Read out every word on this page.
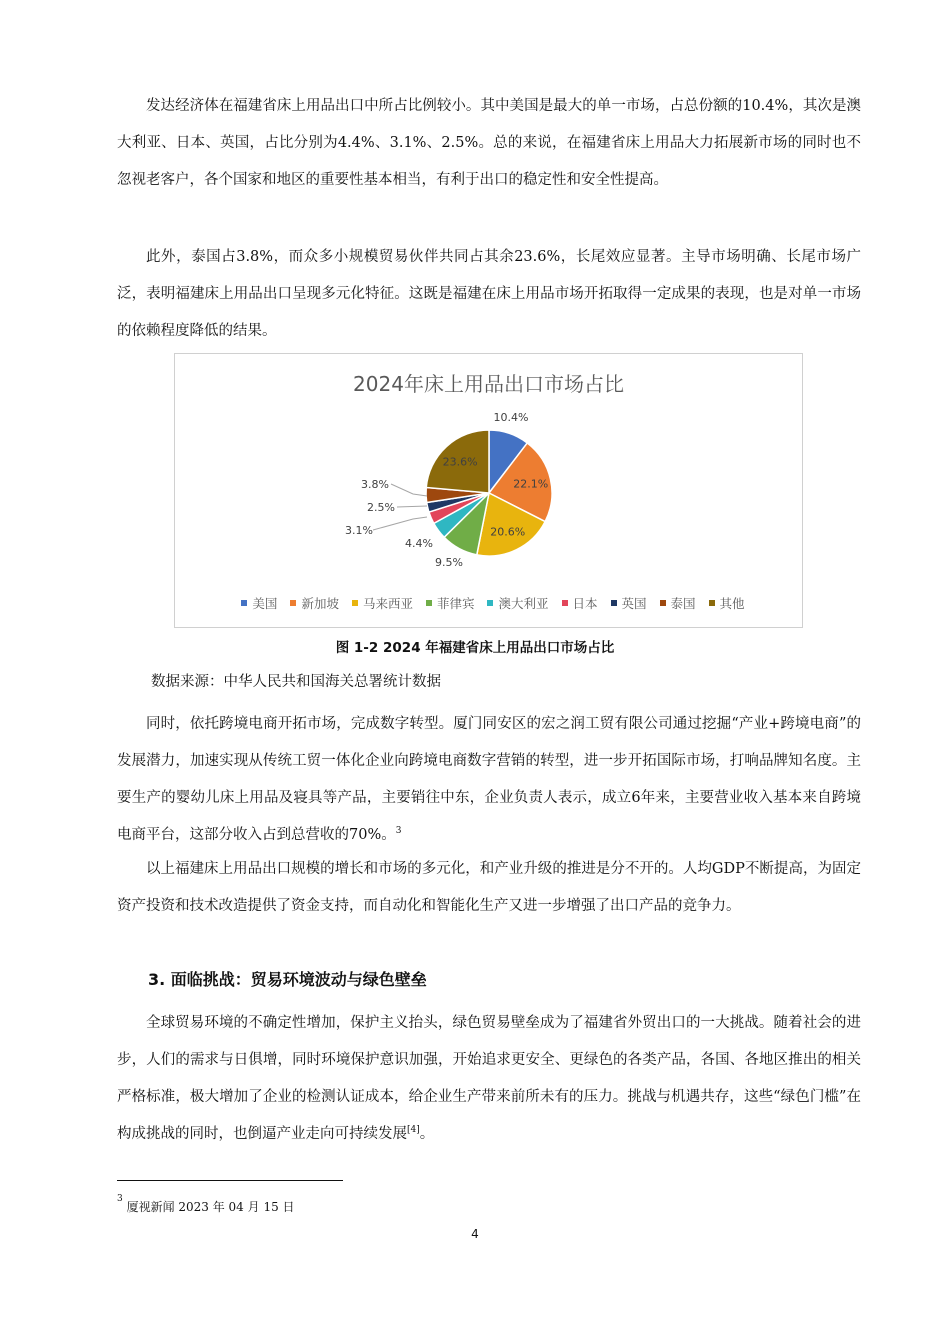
发达经济体在福建省床上用品出口中所占比例较小。其中美国是最大的单一市场，占总份额的10.4%，其次是澳大利亚、日本、英国，占比分别为4.4%、3.1%、2.5%。总的来说，在福建省床上用品大力拓展新市场的同时也不忽视老客户，各个国家和地区的重要性基本相当，有利于出口的稳定性和安全性提高。

此外，泰国占3.8%，而众多小规模贸易伙伴共同占其余23.6%，长尾效应显著。主导市场明确、长尾市场广泛，表明福建床上用品出口呈现多元化特征。这既是福建在床上用品市场开拓取得一定成果的表现，也是对单一市场的依赖程度降低的结果。

2024年床上用品出口市场占比
10.4%
22.1%
20.6%
9.5%
4.4%
3.1%
2.5%
3.8%
23.6%
美国 新加坡 马来西亚 菲律宾 澳大利亚 日本 英国 泰国 其他
图 1-2 2024 年福建省床上用品出口市场占比
数据来源：中华人民共和国海关总署统计数据

同时，依托跨境电商开拓市场，完成数字转型。厦门同安区的宏之润工贸有限公司通过挖掘“产业+跨境电商”的发展潜力，加速实现从传统工贸一体化企业向跨境电商数字营销的转型，进一步开拓国际市场，打响品牌知名度。主要生产的婴幼儿床上用品及寝具等产品，主要销往中东，企业负责人表示，成立6年来，主要营业收入基本来自跨境电商平台，这部分收入占到总营收的70%。$^3$

以上福建床上用品出口规模的增长和市场的多元化，和产业升级的推进是分不开的。人均GDP不断提高，为固定资产投资和技术改造提供了资金支持，而自动化和智能化生产又进一步增强了出口产品的竞争力。

3. 面临挑战：贸易环境波动与绿色壁垒

全球贸易环境的不确定性增加，保护主义抬头，绿色贸易壁垒成为了福建省外贸出口的一大挑战。随着社会的进步，人们的需求与日俱增，同时环境保护意识加强，开始追求更安全、更绿色的各类产品，各国、各地区推出的相关严格标准，极大增加了企业的检测认证成本，给企业生产带来前所未有的压力。挑战与机遇共存，这些“绿色门槛”在构成挑战的同时，也倒逼产业走向可持续发展[4]。

$^3$ 厦视新闻 2023 年 04 月 15 日
4
